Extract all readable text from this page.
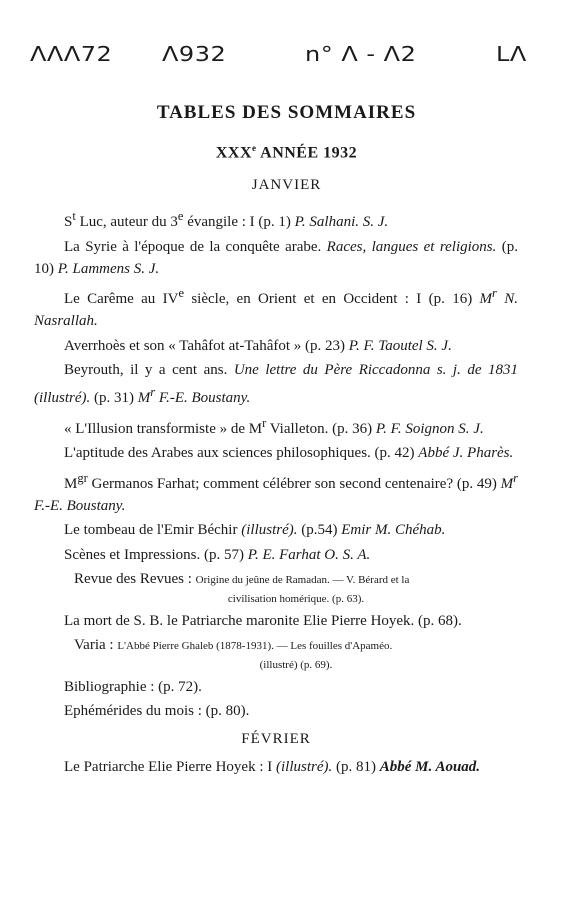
ΛΛΛ72 Λ932	n° Λ - Λ2	LΛ
TABLES DES SOMMAIRES
XXXe ANNÉE 1932
JANVIER

$S^t$ Luc, auteur du 3e évangile : I (p. 1) P. Salhani. S. J.

La Syrie à l'époque de la conquête arabe. Races, langues et religions. (p. 10) P. Lammens S. J.

Le Carême au IVe siècle, en Orient et en Occident : I (p. 16) $M^r$ N. Nasrallah.

Averrhoès et son « Tahâfot at-Tahâfot » (p. 23) P. F. Taoutel S. J.

Beyrouth, il y a cent ans. Une lettre du Père Riccadonna s. j. de 1831 (illustré). (p. 31) $M^r$ F.-E. Boustany.

« L'Illusion transformiste » de $M^r$ Vialleton. (p. 36) P. F. Soignon S. J.

L'aptitude des Arabes aux sciences philosophiques. (p. 42) Abbé J. Pharès.

$M^{gr}$ Germanos Farhat; comment célébrer son second centenaire? (p. 49) $M^r$ F.-E. Boustany.

Le tombeau de l'Emir Béchir (illustré). (p.54) Emir M. Chéhab.

Scènes et Impressions. (p. 57) P. E. Farhat O. S. A.

Revue des Revues : Origine du jeûne de Ramadan. — V. Bérard et la
civilisation homérique. (p. 63).

La mort de S. B. le Patriarche maronite Elie Pierre Hoyek. (p. 68).

Varia : L'Abbé Pierre Ghaleb (1878-1931). — Les fouilles d'Apaméo.
(illustré) (p. 69).

Bibliographie : (p. 72).

Ephémérides du mois : (p. 80).

FÉVRIER

Le Patriarche Elie Pierre Hoyek : I (illustré). (p. 81) Abbé M. Aouad.
